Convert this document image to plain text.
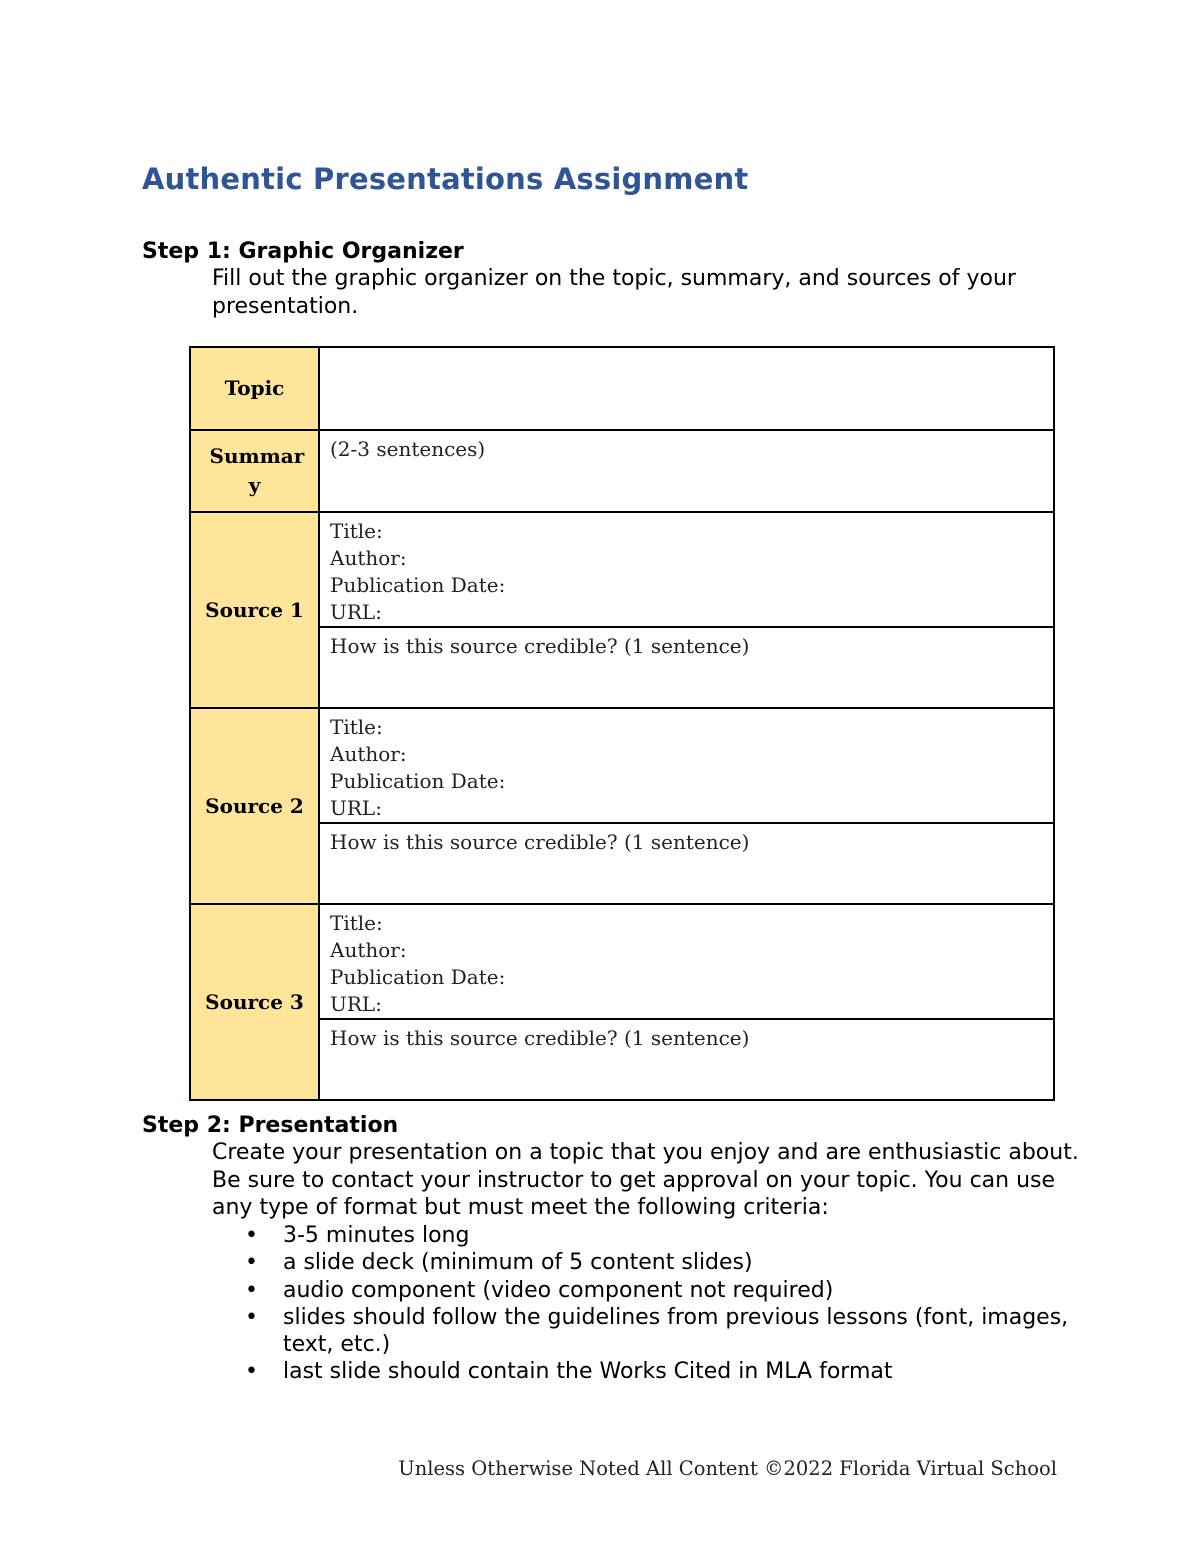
Authentic Presentations Assignment
Step 1: Graphic Organizer

Fill out the graphic organizer on the topic, summary, and sources of your presentation.

Topic	

Summar y	(2-3 sentences)

Source 1	Title:
Author:
Publication Date:
URL:

	How is this source credible? (1 sentence)

Source 2	Title:
Author:
Publication Date:
URL:

	How is this source credible? (1 sentence)

Source 3	Title:
Author:
Publication Date:
URL:

	How is this source credible? (1 sentence)
Step 2: Presentation

Create your presentation on a topic that you enjoy and are enthusiastic about. Be sure to contact your instructor to get approval on your topic. You can use any type of format but must meet the following criteria:

• 3-5 minutes long
• a slide deck (minimum of 5 content slides)
• audio component (video component not required)
• slides should follow the guidelines from previous lessons (font, images, text, etc.)
• last slide should contain the Works Cited in MLA format

Unless Otherwise Noted All Content ©2022 Florida Virtual School
